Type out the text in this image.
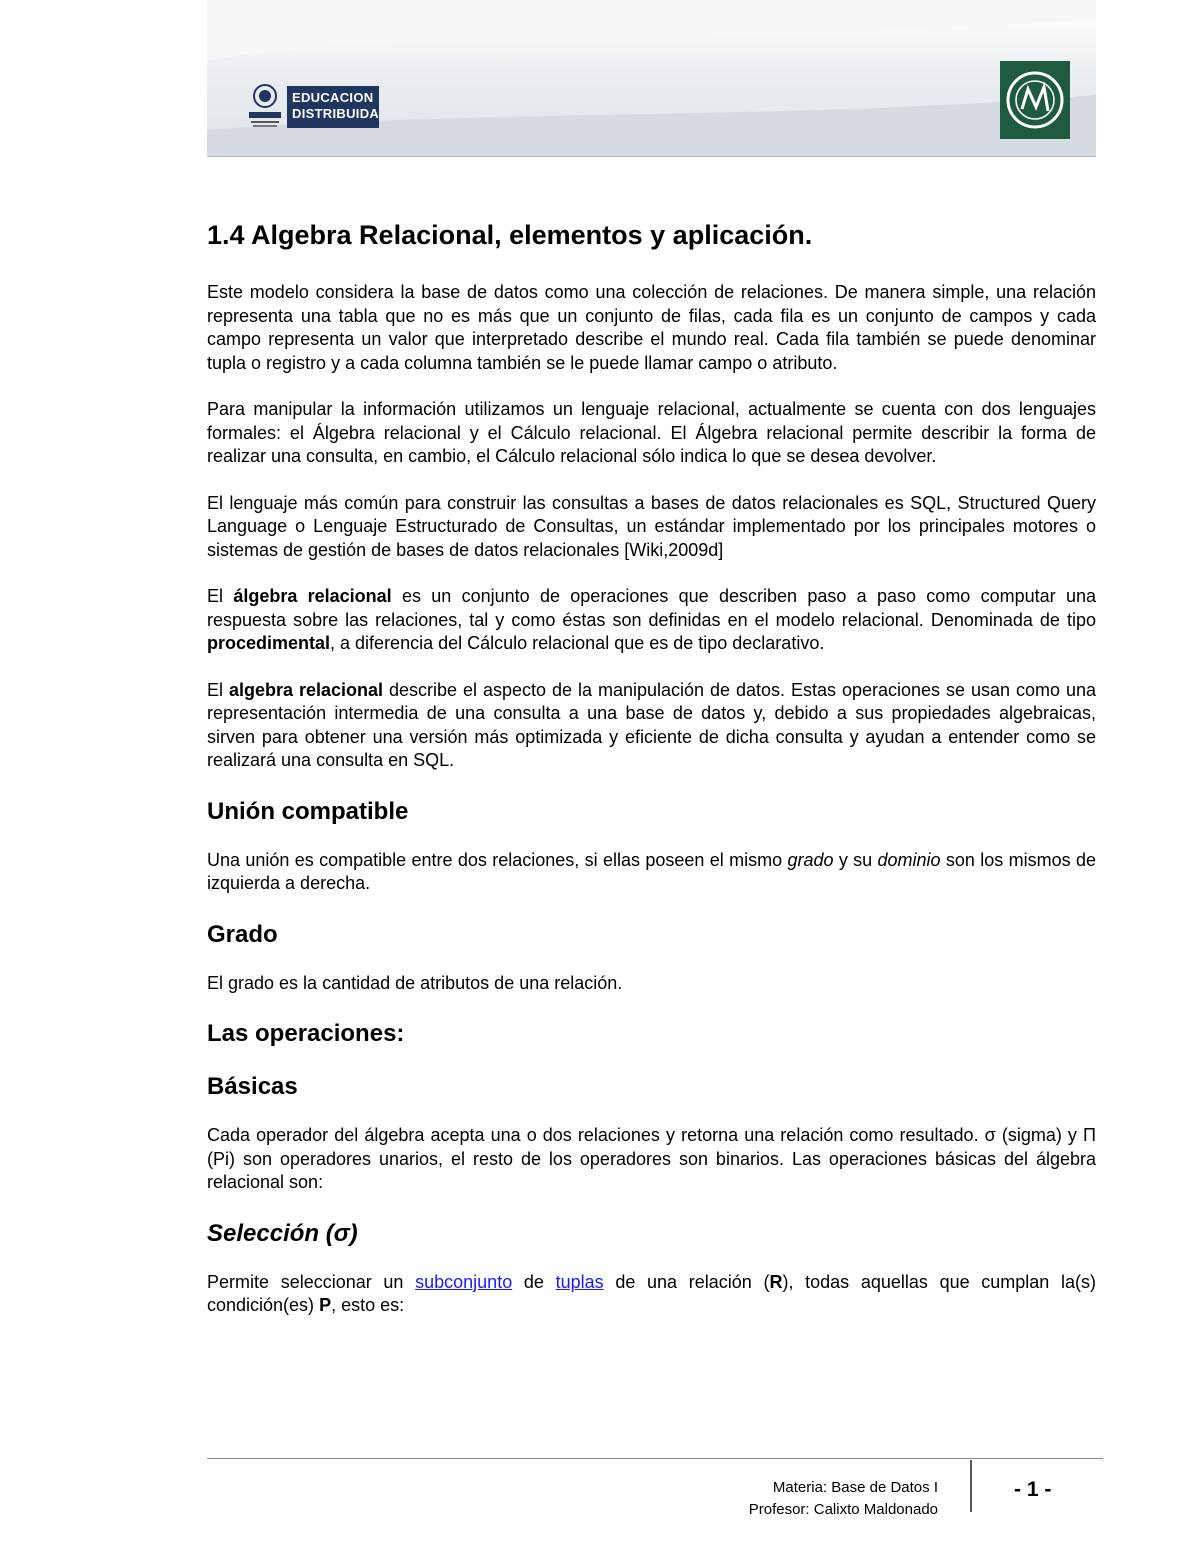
EDUCACION
DISTRIBUIDA
1.4 Algebra Relacional, elementos y aplicación.

Este modelo considera la base de datos como una colección de relaciones. De manera simple, una relación representa una tabla que no es más que un conjunto de filas, cada fila es un conjunto de campos y cada campo representa un valor que interpretado describe el mundo real. Cada fila también se puede denominar tupla o registro y a cada columna también se le puede llamar campo o atributo.

Para manipular la información utilizamos un lenguaje relacional, actualmente se cuenta con dos lenguajes formales: el Álgebra relacional y el Cálculo relacional. El Álgebra relacional permite describir la forma de realizar una consulta, en cambio, el Cálculo relacional sólo indica lo que se desea devolver.

El lenguaje más común para construir las consultas a bases de datos relacionales es SQL, Structured Query Language o Lenguaje Estructurado de Consultas, un estándar implementado por los principales motores o sistemas de gestión de bases de datos relacionales [Wiki,2009d]

El álgebra relacional es un conjunto de operaciones que describen paso a paso como computar una respuesta sobre las relaciones, tal y como éstas son definidas en el modelo relacional. Denominada de tipo procedimental, a diferencia del Cálculo relacional que es de tipo declarativo.

El algebra relacional describe el aspecto de la manipulación de datos. Estas operaciones se usan como una representación intermedia de una consulta a una base de datos y, debido a sus propiedades algebraicas, sirven para obtener una versión más optimizada y eficiente de dicha consulta y ayudan a entender como se realizará una consulta en SQL.

Unión compatible

Una unión es compatible entre dos relaciones, si ellas poseen el mismo grado y su dominio son los mismos de izquierda a derecha.

Grado

El grado es la cantidad de atributos de una relación.

Las operaciones:
Básicas

Cada operador del álgebra acepta una o dos relaciones y retorna una relación como resultado. σ (sigma) y Π (Pi) son operadores unarios, el resto de los operadores son binarios. Las operaciones básicas del álgebra relacional son:

Selección (σ)

Permite seleccionar un subconjunto de tuplas de una relación (R), todas aquellas que cumplan la(s) condición(es) P, esto es:

Materia: Base de Datos I
Profesor: Calixto Maldonado
- 1 -
